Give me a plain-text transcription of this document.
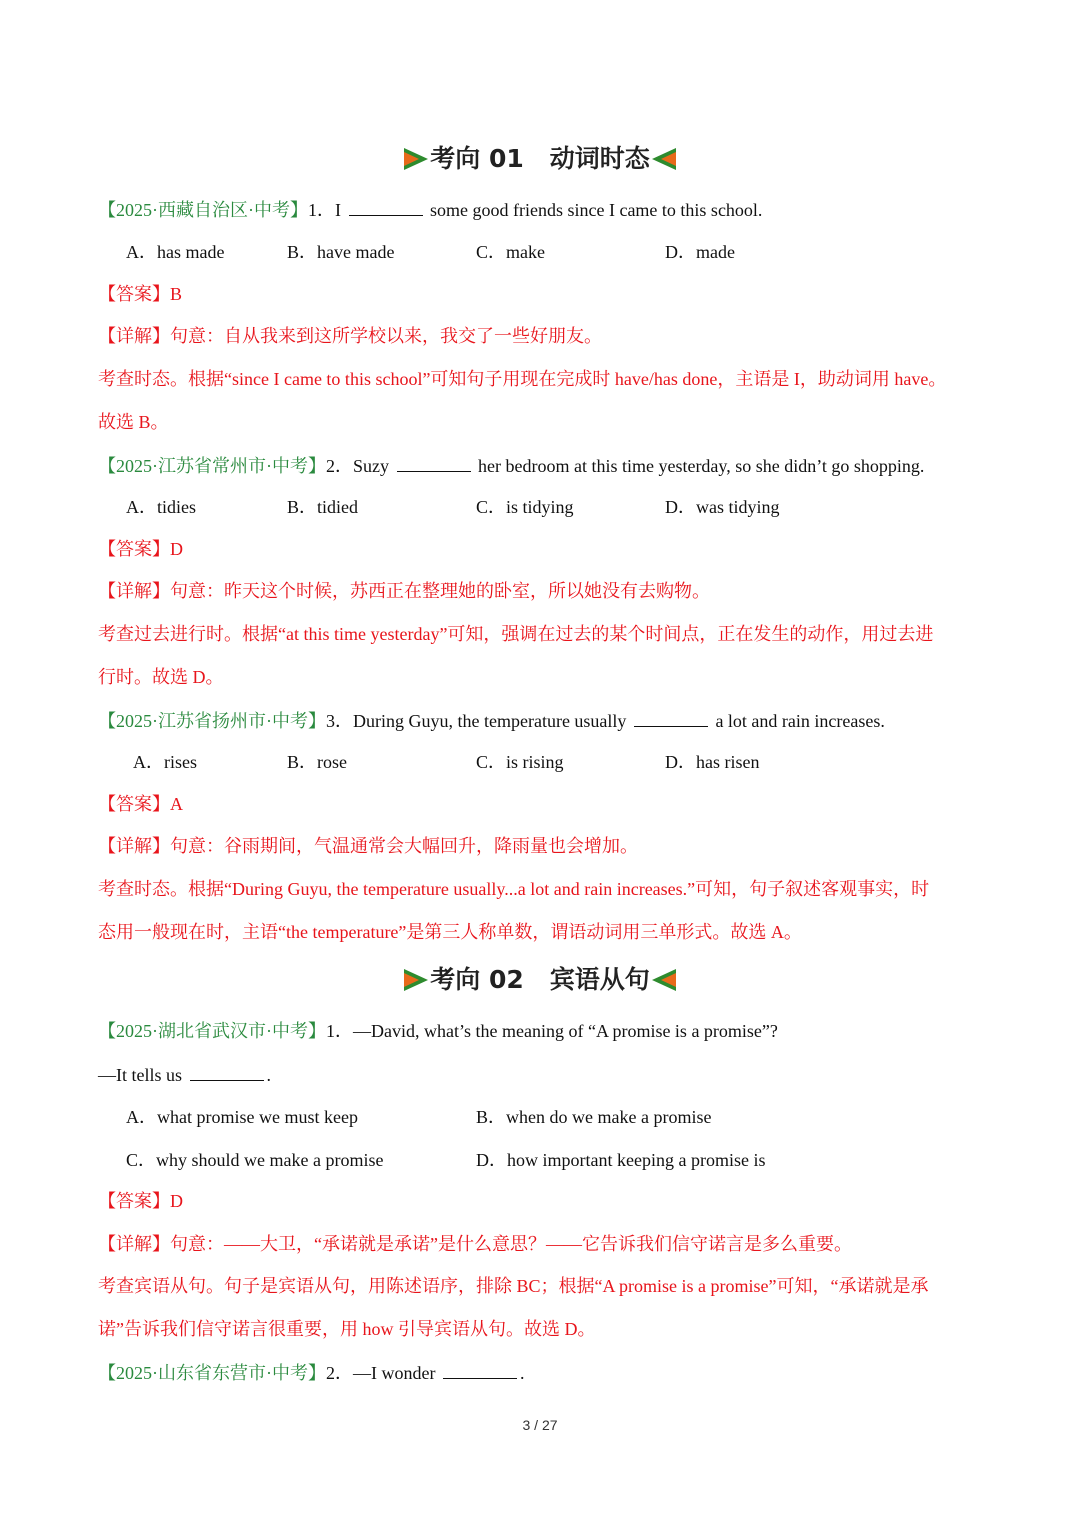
考向 01 动词时态
【2025·西藏自治区·中考】1．I	some good friends since I came to this school.
A．has made	B．have made	C．make	D．made
【答案】B
【详解】句意：自从我来到这所学校以来，我交了一些好朋友。
考查时态。根据“since I came to this school”可知句子用现在完成时 have/has done，主语是 I，助动词用 have。
故选 B。
【2025·江苏省常州市·中考】2．Suzy	her bedroom at this time yesterday, so she didn’t go shopping.
A．tidies	B．tidied	C．is tidying	D．was tidying
【答案】D
【详解】句意：昨天这个时候，苏西正在整理她的卧室，所以她没有去购物。
考查过去进行时。根据“at this time yesterday”可知，强调在过去的某个时间点，正在发生的动作，用过去进
行时。故选 D。
【2025·江苏省扬州市·中考】3．During Guyu, the temperature usually	a lot and rain increases.
A．rises	B．rose	C．is rising	D．has risen
【答案】A
【详解】句意：谷雨期间，气温通常会大幅回升，降雨量也会增加。
考查时态。根据“During Guyu, the temperature usually...a lot and rain increases.”可知，句子叙述客观事实，时
态用一般现在时，主语“the temperature”是第三人称单数，谓语动词用三单形式。故选 A。
考向 02 宾语从句
【2025·湖北省武汉市·中考】1．—David, what’s the meaning of “A promise is a promise”?
—It tells us	.
A．what promise we must keep	B．when do we make a promise
C．why should we make a promise	D．how important keeping a promise is
【答案】D
【详解】句意：——大卫，“承诺就是承诺”是什么意思？——它告诉我们信守诺言是多么重要。
考查宾语从句。句子是宾语从句，用陈述语序，排除 BC；根据“A promise is a promise”可知，“承诺就是承
诺”告诉我们信守诺言很重要，用 how 引导宾语从句。故选 D。
【2025·山东省东营市·中考】2．—I wonder	.
3 / 27
